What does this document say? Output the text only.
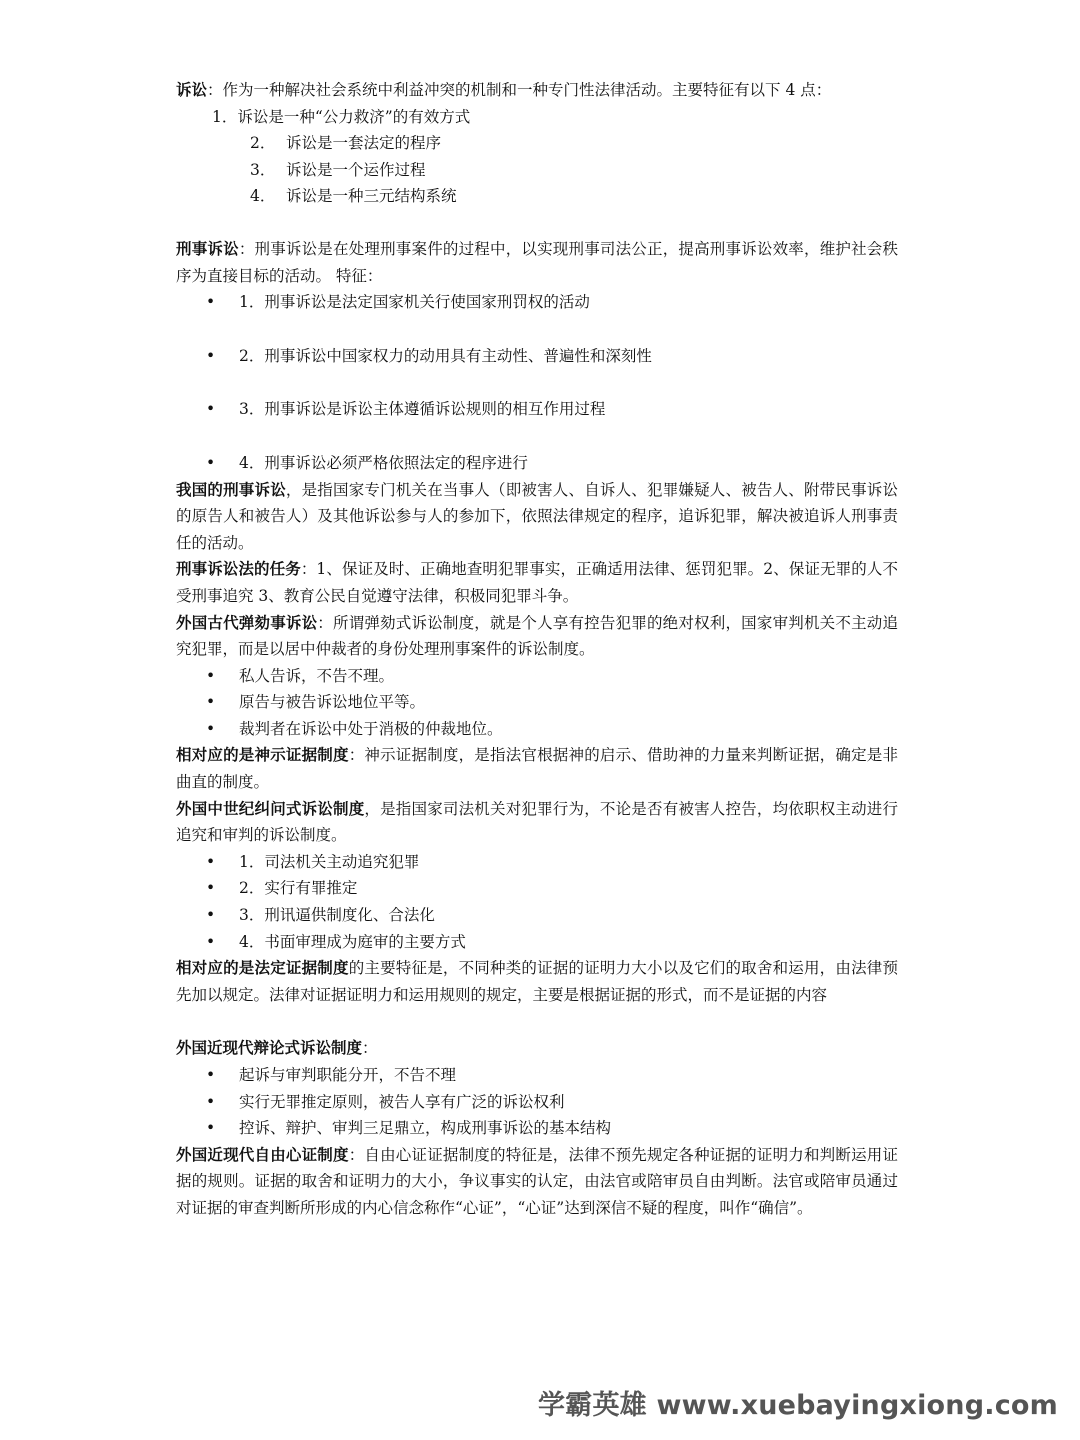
诉讼：作为一种解决社会系统中利益冲突的机制和一种专门性法律活动。主要特征有以下 4 点：

1．诉讼是一种“公力救济”的有效方式
2． 诉讼是一套法定的程序
3． 诉讼是一个运作过程
4． 诉讼是一种三元结构系统

刑事诉讼：刑事诉讼是在处理刑事案件的过程中，以实现刑事司法公正，提高刑事诉讼效率，维护社会秩序为直接目标的活动。 特征：

•	1．刑事诉讼是法定国家机关行使国家刑罚权的活动
•	2．刑事诉讼中国家权力的动用具有主动性、普遍性和深刻性
•	3．刑事诉讼是诉讼主体遵循诉讼规则的相互作用过程
•	4．刑事诉讼必须严格依照法定的程序进行

我国的刑事诉讼，是指国家专门机关在当事人（即被害人、自诉人、犯罪嫌疑人、被告人、附带民事诉讼的原告人和被告人）及其他诉讼参与人的参加下，依照法律规定的程序，追诉犯罪，解决被追诉人刑事责任的活动。

刑事诉讼法的任务：1、保证及时、正确地查明犯罪事实，正确适用法律、惩罚犯罪。2、保证无罪的人不受刑事追究 3、教育公民自觉遵守法律，积极同犯罪斗争。

外国古代弹劾事诉讼：所谓弹劾式诉讼制度，就是个人享有控告犯罪的绝对权利，国家审判机关不主动追究犯罪，而是以居中仲裁者的身份处理刑事案件的诉讼制度。

•	私人告诉，不告不理。
•	原告与被告诉讼地位平等。
•	裁判者在诉讼中处于消极的仲裁地位。

相对应的是神示证据制度：神示证据制度，是指法官根据神的启示、借助神的力量来判断证据，确定是非曲直的制度。

外国中世纪纠问式诉讼制度，是指国家司法机关对犯罪行为，不论是否有被害人控告，均依职权主动进行追究和审判的诉讼制度。

•	1．司法机关主动追究犯罪
•	2．实行有罪推定
•	3．刑讯逼供制度化、合法化
•	4．书面审理成为庭审的主要方式

相对应的是法定证据制度的主要特征是，不同种类的证据的证明力大小以及它们的取舍和运用，由法律预先加以规定。法律对证据证明力和运用规则的规定，主要是根据证据的形式，而不是证据的内容

外国近现代辩论式诉讼制度：

•	起诉与审判职能分开，不告不理
•	实行无罪推定原则，被告人享有广泛的诉讼权利
•	控诉、辩护、审判三足鼎立，构成刑事诉讼的基本结构

外国近现代自由心证制度：自由心证证据制度的特征是，法律不预先规定各种证据的证明力和判断运用证据的规则。证据的取舍和证明力的大小，争议事实的认定，由法官或陪审员自由判断。法官或陪审员通过对证据的审查判断所形成的内心信念称作“心证”，“心证”达到深信不疑的程度，叫作“确信”。

学霸英雄 www.xuebayingxiong.com
